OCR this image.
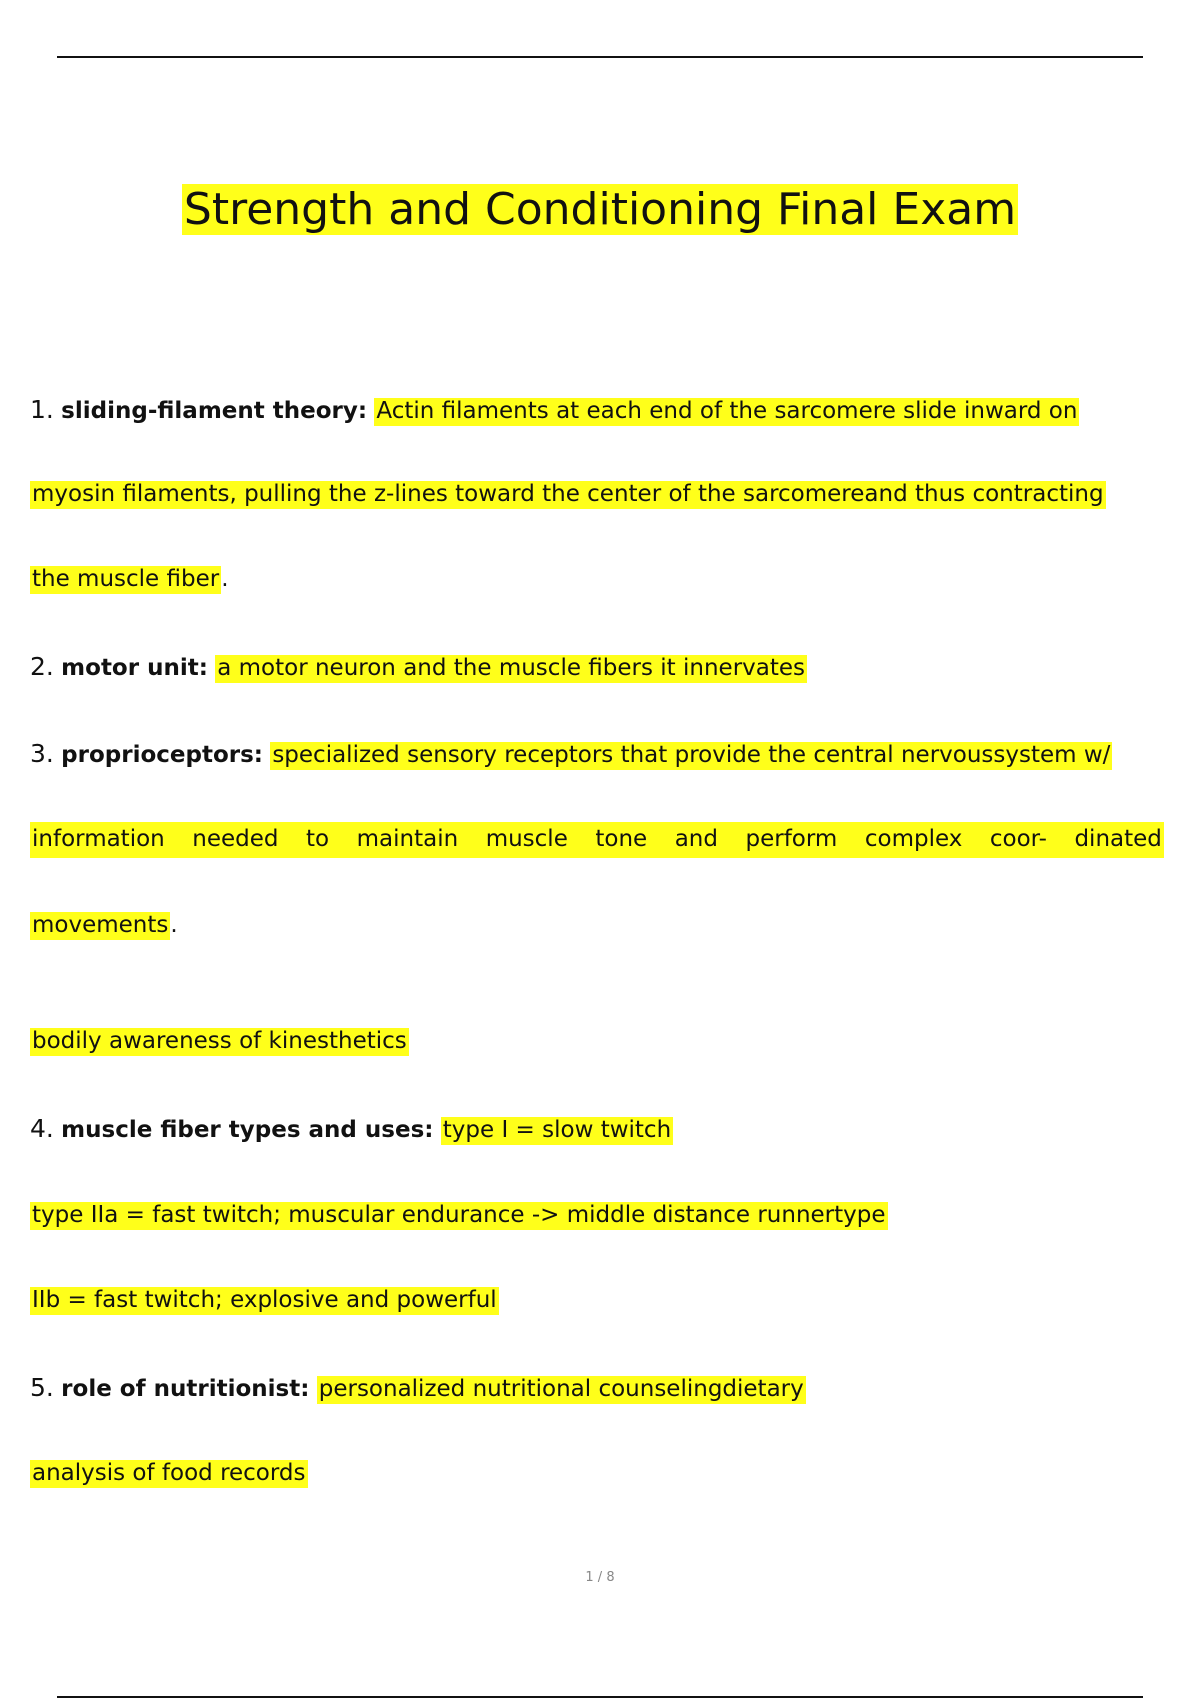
Strength and Conditioning Final Exam
1. sliding-filament theory: Actin filaments at each end of the sarcomere slide inward on
myosin filaments, pulling the z-lines toward the center of the sarcomereand thus contracting
the muscle fiber.
2. motor unit: a motor neuron and the muscle fibers it innervates
3. proprioceptors: specialized sensory receptors that provide the central nervoussystem w/
information needed to maintain muscle tone and perform complex coor- dinated
movements.
bodily awareness of kinesthetics
4. muscle fiber types and uses: type I = slow twitch
type IIa = fast twitch; muscular endurance -> middle distance runnertype
IIb = fast twitch; explosive and powerful
5. role of nutritionist: personalized nutritional counselingdietary
analysis of food records
1 / 8
